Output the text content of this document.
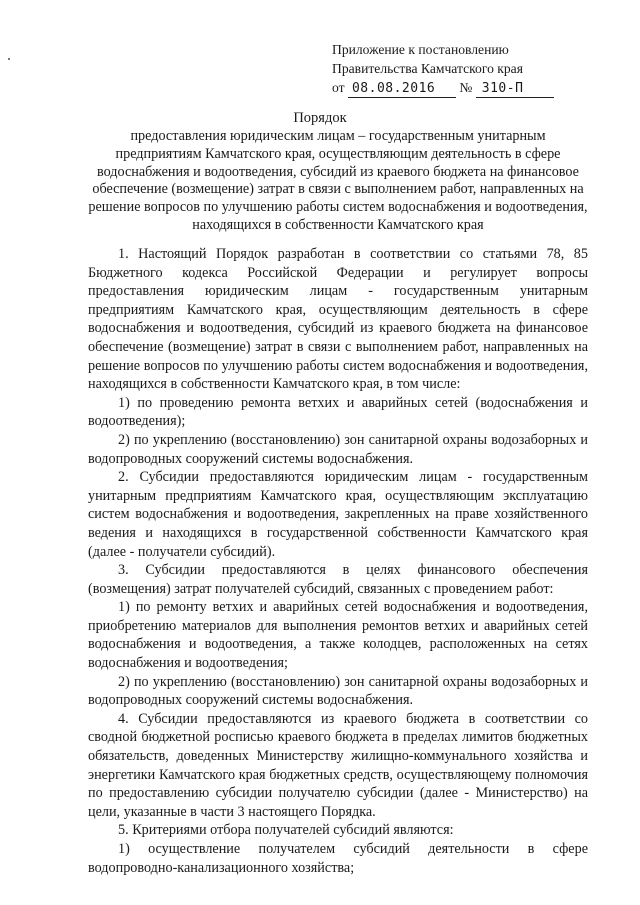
Приложение к постановлению
Правительства Камчатского края
от 08.08.2016 № 310-П
Порядок
предоставления юридическим лицам – государственным унитарным предприятиям Камчатского края, осуществляющим деятельность в сфере водоснабжения и водоотведения, субсидий из краевого бюджета на финансовое обеспечение (возмещение) затрат в связи с выполнением работ, направленных на решение вопросов по улучшению работы систем водоснабжения и водоотведения, находящихся в собственности Камчатского края

1. Настоящий Порядок разработан в соответствии со статьями 78, 85 Бюджетного кодекса Российской Федерации и регулирует вопросы предоставления юридическим лицам - государственным унитарным предприятиям Камчатского края, осуществляющим деятельность в сфере водоснабжения и водоотведения, субсидий из краевого бюджета на финансовое обеспечение (возмещение) затрат в связи с выполнением работ, направленных на решение вопросов по улучшению работы систем водоснабжения и водоотведения, находящихся в собственности Камчатского края, в том числе:

1) по проведению ремонта ветхих и аварийных сетей (водоснабжения и водоотведения);

2) по укреплению (восстановлению) зон санитарной охраны водозаборных и водопроводных сооружений системы водоснабжения.

2. Субсидии предоставляются юридическим лицам - государственным унитарным предприятиям Камчатского края, осуществляющим эксплуатацию систем водоснабжения и водоотведения, закрепленных на праве хозяйственного ведения и находящихся в государственной собственности Камчатского края (далее - получатели субсидий).

3. Субсидии предоставляются в целях финансового обеспечения (возмещения) затрат получателей субсидий, связанных с проведением работ:

1) по ремонту ветхих и аварийных сетей водоснабжения и водоотведения, приобретению материалов для выполнения ремонтов ветхих и аварийных сетей водоснабжения и водоотведения, а также колодцев, расположенных на сетях водоснабжения и водоотведения;

2) по укреплению (восстановлению) зон санитарной охраны водозаборных и водопроводных сооружений системы водоснабжения.

4. Субсидии предоставляются из краевого бюджета в соответствии со сводной бюджетной росписью краевого бюджета в пределах лимитов бюджетных обязательств, доведенных Министерству жилищно-коммунального хозяйства и энергетики Камчатского края бюджетных средств, осуществляющему полномочия по предоставлению субсидии получателю субсидии (далее - Министерство) на цели, указанные в части 3 настоящего Порядка.

5. Критериями отбора получателей субсидий являются:

1) осуществление получателем субсидий деятельности в сфере водопроводно-канализационного хозяйства;
